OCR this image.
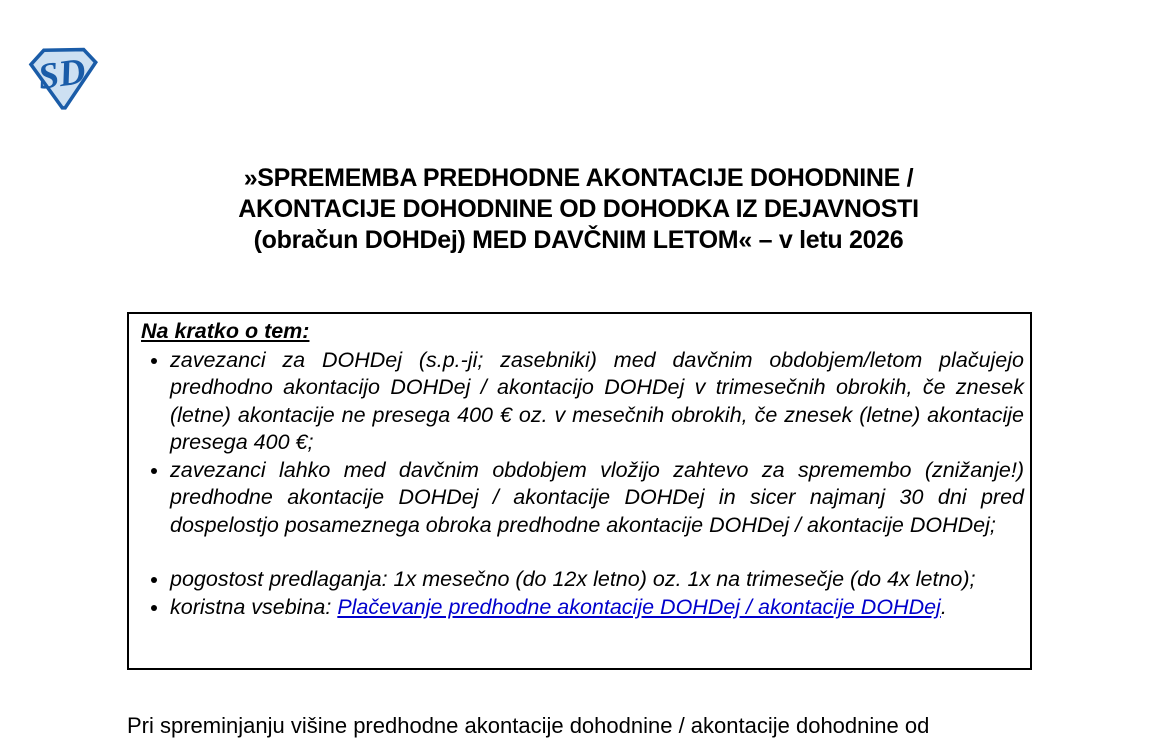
SD
»SPREMEMBA PREDHODNE AKONTACIJE DOHODNINE /
AKONTACIJE DOHODNINE OD DOHODKA IZ DEJAVNOSTI
(obračun DOHDej) MED DAVČNIM LETOM« – v letu 2026
Na kratko o tem:
• zavezanci za DOHDej (s.p.-ji; zasebniki) med davčnim obdobjem/letom plačujejo predhodno akontacijo DOHDej / akontacijo DOHDej v trimesečnih obrokih, če znesek (letne) akontacije ne presega 400 € oz. v mesečnih obrokih, če znesek (letne) akontacije presega 400 €;
• zavezanci lahko med davčnim obdobjem vložijo zahtevo za spremembo (znižanje!) predhodne akontacije DOHDej / akontacije DOHDej in sicer najmanj 30 dni pred dospelostjo posameznega obroka predhodne akontacije DOHDej / akontacije DOHDej;
• pogostost predlaganja: 1x mesečno (do 12x letno) oz. 1x na trimesečje (do 4x letno);
• koristna vsebina: Plačevanje predhodne akontacije DOHDej / akontacije DOHDej.
Pri spreminjanju višine predhodne akontacije dohodnine / akontacije dohodnine od
